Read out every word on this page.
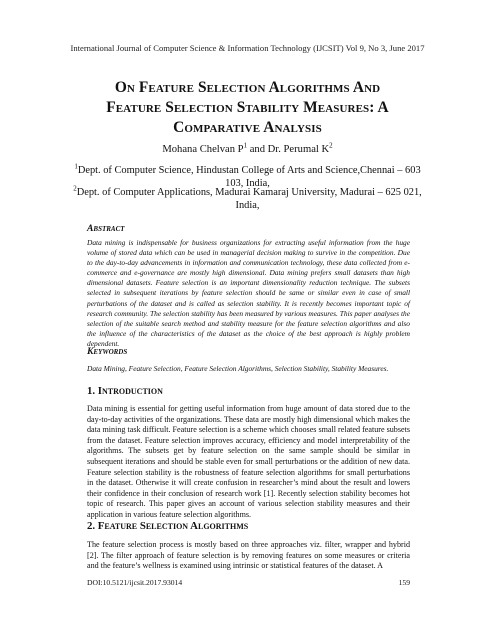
International Journal of Computer Science & Information Technology (IJCSIT) Vol 9, No 3, June 2017
On Feature Selection Algorithms And
Feature Selection Stability Measures: A
Comparative Analysis
Mohana Chelvan $P^1$ and Dr. Perumal $K^2$
$^1$Dept. of Computer Science, Hindustan College of Arts and Science,Chennai – 603 103, India,
$^2$Dept. of Computer Applications, Madurai Kamaraj University, Madurai – 625 021, India,
Abstract
Data mining is indispensable for business organizations for extracting useful information from the huge volume of stored data which can be used in managerial decision making to survive in the competition. Due to the day-to-day advancements in information and communication technology, these data collected from e-commerce and e-governance are mostly high dimensional. Data mining prefers small datasets than high dimensional datasets. Feature selection is an important dimensionality reduction technique. The subsets selected in subsequent iterations by feature selection should be same or similar even in case of small perturbations of the dataset and is called as selection stability. It is recently becomes important topic of research community. The selection stability has been measured by various measures. This paper analyses the selection of the suitable search method and stability measure for the feature selection algorithms and also the influence of the characteristics of the dataset as the choice of the best approach is highly problem dependent.
Keywords
Data Mining, Feature Selection, Feature Selection Algorithms, Selection Stability, Stability Measures.
1. Introduction
Data mining is essential for getting useful information from huge amount of data stored due to the day-to-day activities of the organizations. These data are mostly high dimensional which makes the data mining task difficult. Feature selection is a scheme which chooses small related feature subsets from the dataset. Feature selection improves accuracy, efficiency and model interpretability of the algorithms. The subsets get by feature selection on the same sample should be similar in subsequent iterations and should be stable even for small perturbations or the addition of new data. Feature selection stability is the robustness of feature selection algorithms for small perturbations in the dataset. Otherwise it will create confusion in researcher’s mind about the result and lowers their confidence in their conclusion of research work [1]. Recently selection stability becomes hot topic of research. This paper gives an account of various selection stability measures and their application in various feature selection algorithms.
2. Feature Selection Algorithms
The feature selection process is mostly based on three approaches viz. filter, wrapper and hybrid [2]. The filter approach of feature selection is by removing features on some measures or criteria and the feature’s wellness is examined using intrinsic or statistical features of the dataset. A
DOI:10.5121/ijcsit.2017.93014	159
